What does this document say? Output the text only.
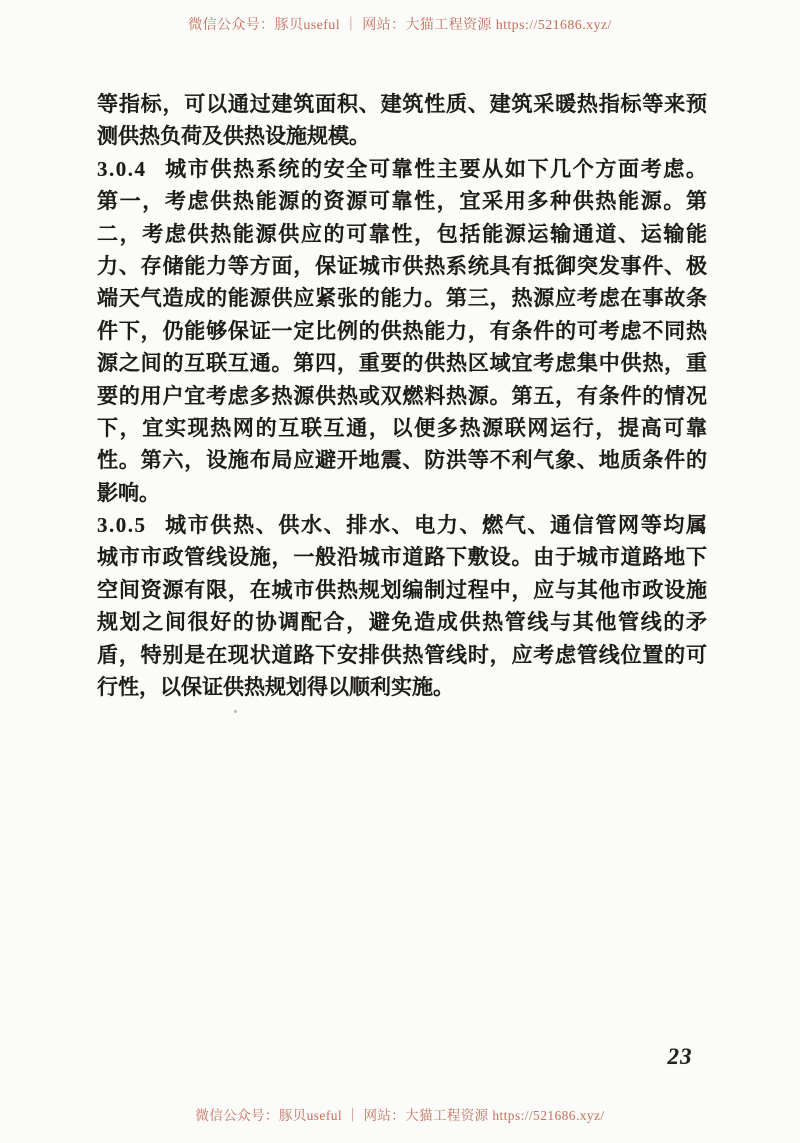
微信公众号：豚贝useful ｜ 网站：大猫工程资源 https://521686.xyz/
等指标，可以通过建筑面积、建筑性质、建筑采暖热指标等来预
测供热负荷及供热设施规模。
3.0.4 城市供热系统的安全可靠性主要从如下几个方面考虑。
第一，考虑供热能源的资源可靠性，宜采用多种供热能源。第
二，考虑供热能源供应的可靠性，包括能源运输通道、运输能
力、存储能力等方面，保证城市供热系统具有抵御突发事件、极
端天气造成的能源供应紧张的能力。第三，热源应考虑在事故条
件下，仍能够保证一定比例的供热能力，有条件的可考虑不同热
源之间的互联互通。第四，重要的供热区域宜考虑集中供热，重
要的用户宜考虑多热源供热或双燃料热源。第五，有条件的情况
下，宜实现热网的互联互通，以便多热源联网运行，提高可靠
性。第六，设施布局应避开地震、防洪等不利气象、地质条件的
影响。
3.0.5 城市供热、供水、排水、电力、燃气、通信管网等均属
城市市政管线设施，一般沿城市道路下敷设。由于城市道路地下
空间资源有限，在城市供热规划编制过程中，应与其他市政设施
规划之间很好的协调配合，避免造成供热管线与其他管线的矛
盾，特别是在现状道路下安排供热管线时，应考虑管线位置的可
行性，以保证供热规划得以顺利实施。
23
微信公众号：豚贝useful ｜ 网站：大猫工程资源 https://521686.xyz/
